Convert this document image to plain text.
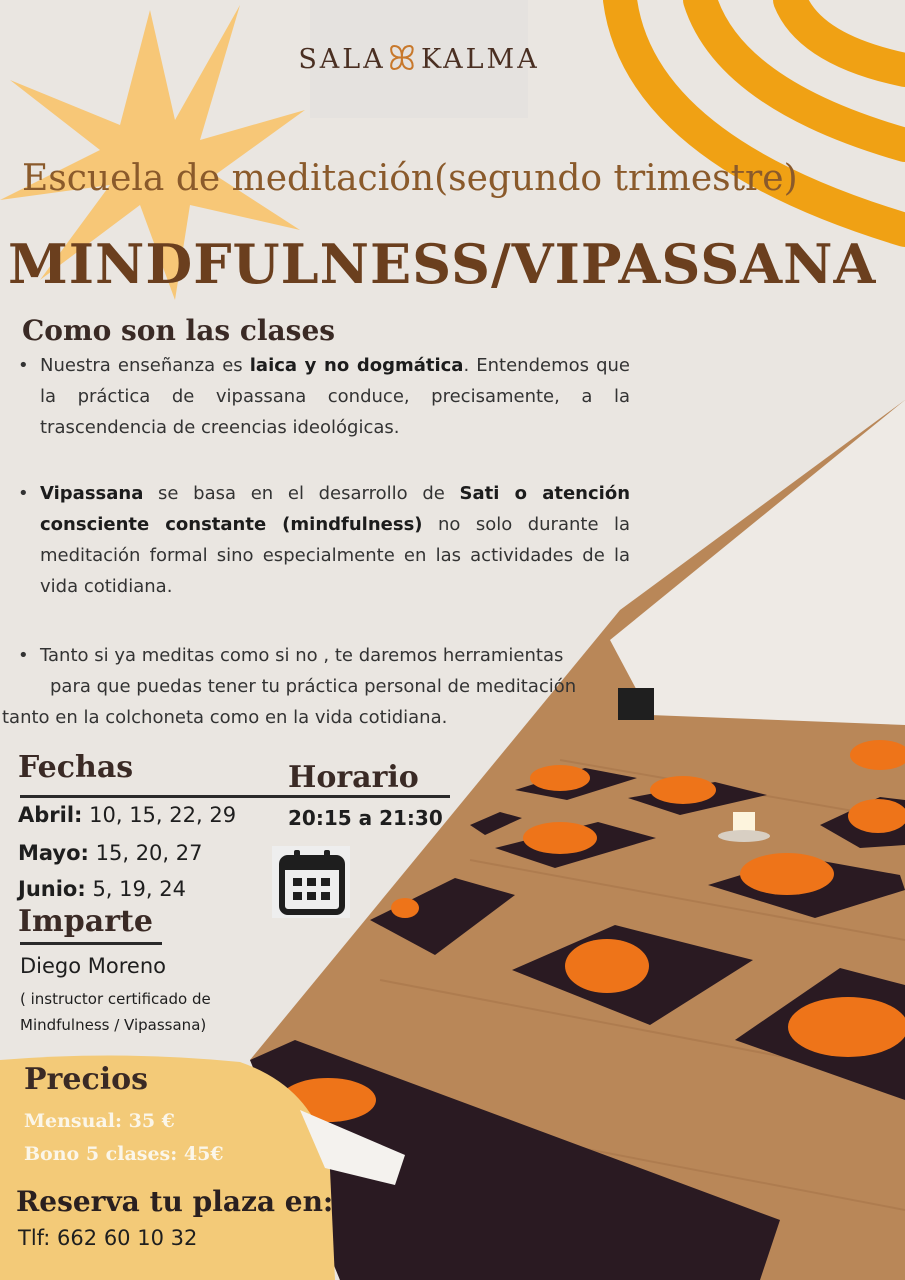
SALA ꕤ KALMA
Escuela de meditación(segundo trimestre)
MINDFULNESS/VIPASSANA
Como son las clases
• Nuestra enseñanza es laica y no dogmática. Entendemos que la práctica de vipassana conduce, precisamente, a la trascendencia de creencias ideológicas.
• Vipassana se basa en el desarrollo de Sati o atención consciente constante (mindfulness) no solo durante la meditación formal sino especialmente en las actividades de la vida cotidiana.
• Tanto si ya meditas como si no , te daremos herramientas
para que puedas tener tu práctica personal de meditación
tanto en la colchoneta como en la vida cotidiana.
Fechas	Horario
Abril: 10, 15, 22, 29
Mayo: 15, 20, 27
Junio: 5, 19, 24
20:15 a 21:30
Imparte
Diego Moreno
( instructor certificado de
Mindfulness / Vipassana)
Precios
Mensual: 35 €
Bono 5 clases: 45€
Reserva tu plaza en:
Tlf: 662 60 10 32
